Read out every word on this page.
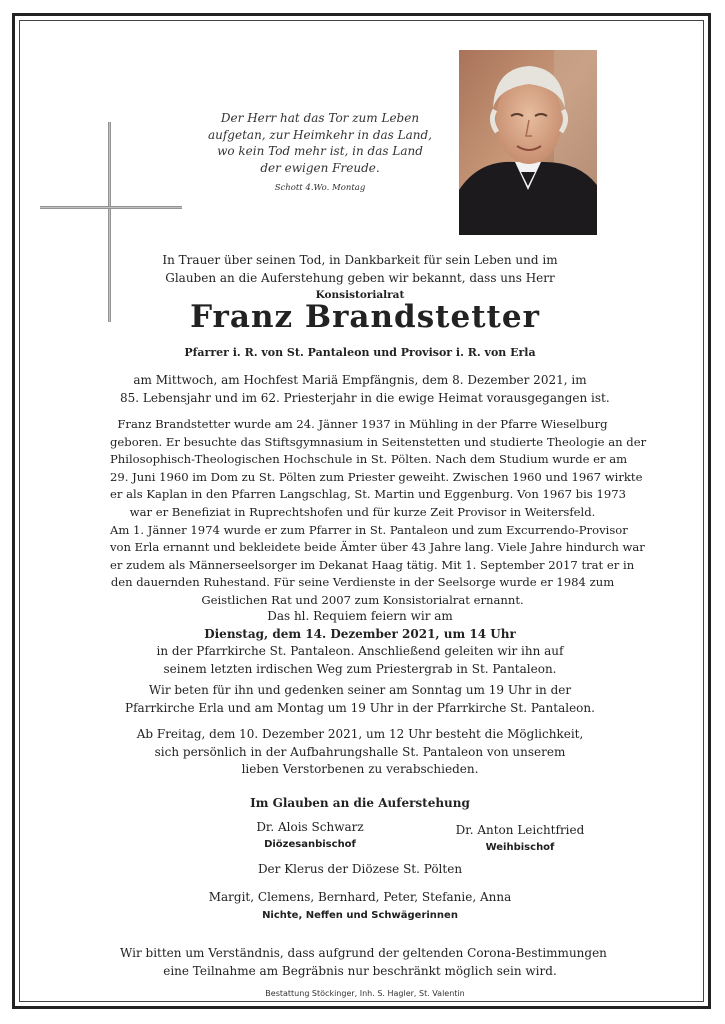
Der Herr hat das Tor zum Leben
aufgetan, zur Heimkehr in das Land,
wo kein Tod mehr ist, in das Land
der ewigen Freude.
Schott 4.Wo. Montag
In Trauer über seinen Tod, in Dankbarkeit für sein Leben und im
Glauben an die Auferstehung geben wir bekannt, dass uns Herr
Konsistorialrat
Franz Brandstetter
Pfarrer i. R. von St. Pantaleon und Provisor i. R. von Erla
am Mittwoch, am Hochfest Mariä Empfängnis, dem 8. Dezember 2021, im
85. Lebensjahr und im 62. Priesterjahr in die ewige Heimat vorausgegangen ist.
Franz Brandstetter wurde am 24. Jänner 1937 in Mühling in der Pfarre Wieselburg
geboren. Er besuchte das Stiftsgymnasium in Seitenstetten und studierte Theologie an der
Philosophisch-Theologischen Hochschule in St. Pölten. Nach dem Studium wurde er am
29. Juni 1960 im Dom zu St. Pölten zum Priester geweiht. Zwischen 1960 und 1967 wirkte
er als Kaplan in den Pfarren Langschlag, St. Martin und Eggenburg. Von 1967 bis 1973
war er Benefiziat in Ruprechtshofen und für kurze Zeit Provisor in Weitersfeld.
Am 1. Jänner 1974 wurde er zum Pfarrer in St. Pantaleon und zum Excurrendo-Provisor
von Erla ernannt und bekleidete beide Ämter über 43 Jahre lang. Viele Jahre hindurch war
er zudem als Männerseelsorger im Dekanat Haag tätig. Mit 1. September 2017 trat er in
den dauernden Ruhestand. Für seine Verdienste in der Seelsorge wurde er 1984 zum
Geistlichen Rat und 2007 zum Konsistorialrat ernannt.
Das hl. Requiem feiern wir am
Dienstag, dem 14. Dezember 2021, um 14 Uhr
in der Pfarrkirche St. Pantaleon. Anschließend geleiten wir ihn auf
seinem letzten irdischen Weg zum Priestergrab in St. Pantaleon.
Wir beten für ihn und gedenken seiner am Sonntag um 19 Uhr in der
Pfarrkirche Erla und am Montag um 19 Uhr in der Pfarrkirche St. Pantaleon.
Ab Freitag, dem 10. Dezember 2021, um 12 Uhr besteht die Möglichkeit,
sich persönlich in der Aufbahrungshalle St. Pantaleon von unserem
lieben Verstorbenen zu verabschieden.
Im Glauben an die Auferstehung
Dr. Alois Schwarz
Diözesanbischof
Dr. Anton Leichtfried
Weihbischof
Der Klerus der Diözese St. Pölten
Margit, Clemens, Bernhard, Peter, Stefanie, Anna
Nichte, Neffen und Schwägerinnen
Wir bitten um Verständnis, dass aufgrund der geltenden Corona-Bestimmungen
eine Teilnahme am Begräbnis nur beschränkt möglich sein wird.
Bestattung Stöckinger, Inh. S. Hagler, St. Valentin
